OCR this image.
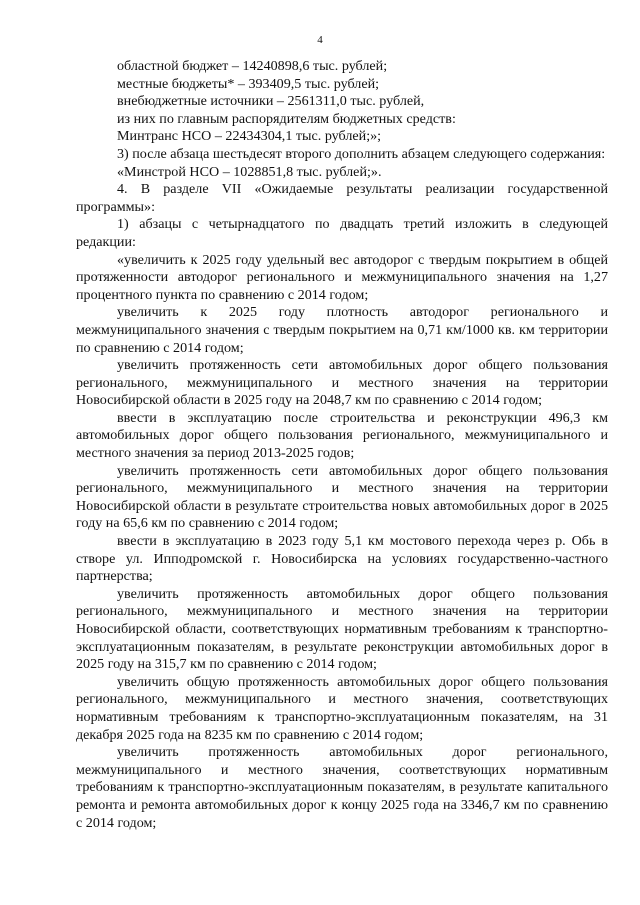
4

областной бюджет – 14240898,6 тыс. рублей;

местные бюджеты* – 393409,5 тыс. рублей;

внебюджетные источники – 2561311,0 тыс. рублей,

из них по главным распорядителям бюджетных средств:

Минтранс НСО – 22434304,1 тыс. рублей;»;

3) после абзаца шестьдесят второго дополнить абзацем следующего содержания:

«Минстрой НСО – 1028851,8 тыс. рублей;».

4. В разделе VII «Ожидаемые результаты реализации государственной программы»:

1) абзацы с четырнадцатого по двадцать третий изложить в следующей редакции:

«увеличить к 2025 году удельный вес автодорог с твердым покрытием в общей протяженности автодорог регионального и межмуниципального значения на 1,27 процентного пункта по сравнению с 2014 годом;

увеличить к 2025 году плотность автодорог регионального и межмуниципального значения с твердым покрытием на 0,71 км/1000 кв. км территории по сравнению с 2014 годом;

увеличить протяженность сети автомобильных дорог общего пользования регионального, межмуниципального и местного значения на территории Новосибирской области в 2025 году на 2048,7 км по сравнению с 2014 годом;

ввести в эксплуатацию после строительства и реконструкции 496,3 км автомобильных дорог общего пользования регионального, межмуниципального и местного значения за период 2013-2025 годов;

увеличить протяженность сети автомобильных дорог общего пользования регионального, межмуниципального и местного значения на территории Новосибирской области в результате строительства новых автомобильных дорог в 2025 году на 65,6 км по сравнению с 2014 годом;

ввести в эксплуатацию в 2023 году 5,1 км мостового перехода через р. Обь в створе ул. Ипподромской г. Новосибирска на условиях государственно-частного партнерства;

увеличить протяженность автомобильных дорог общего пользования регионального, межмуниципального и местного значения на территории Новосибирской области, соответствующих нормативным требованиям к транспортно-эксплуатационным показателям, в результате реконструкции автомобильных дорог в 2025 году на 315,7 км по сравнению с 2014 годом;

увеличить общую протяженность автомобильных дорог общего пользования регионального, межмуниципального и местного значения, соответствующих нормативным требованиям к транспортно-эксплуатационным показателям, на 31 декабря 2025 года на 8235 км по сравнению с 2014 годом;

увеличить протяженность автомобильных дорог регионального, межмуниципального и местного значения, соответствующих нормативным требованиям к транспортно-эксплуатационным показателям, в результате капитального ремонта и ремонта автомобильных дорог к концу 2025 года на 3346,7 км по сравнению с 2014 годом;
